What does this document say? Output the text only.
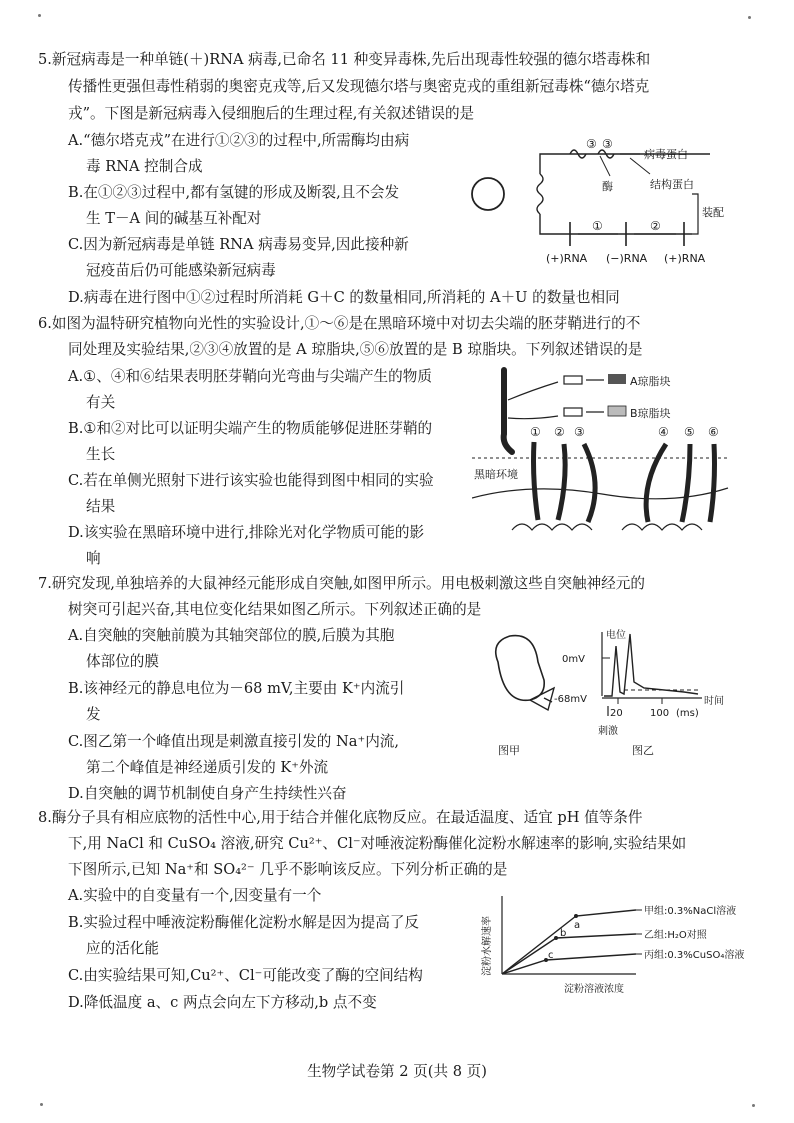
5.新冠病毒是一种单链(＋)RNA 病毒,已命名 11 种变异毒株,先后出现毒性较强的德尔塔毒株和
传播性更强但毒性稍弱的奥密克戎等,后又发现德尔塔与奥密克戎的重组新冠毒株“德尔塔克
戎”。下图是新冠病毒入侵细胞后的生理过程,有关叙述错误的是
A.“德尔塔克戎”在进行①②③的过程中,所需酶均由病
毒 RNA 控制合成
B.在①②③过程中,都有氢键的形成及断裂,且不会发
生 T－A 间的碱基互补配对
C.因为新冠病毒是单链 RNA 病毒易变异,因此接种新
冠疫苗后仍可能感染新冠病毒
D.病毒在进行图中①②过程时所消耗 G＋C 的数量相同,所消耗的 A＋U 的数量也相同
③ ③
病毒蛋白
酶	结构蛋白
装配
①	②
(+)RNA (−)RNA (+)RNA
6.如图为温特研究植物向光性的实验设计,①～⑥是在黑暗环境中对切去尖端的胚芽鞘进行的不
同处理及实验结果,②③④放置的是 A 琼脂块,⑤⑥放置的是 B 琼脂块。下列叙述错误的是
A.①、④和⑥结果表明胚芽鞘向光弯曲与尖端产生的物质
有关
B.①和②对比可以证明尖端产生的物质能够促进胚芽鞘的
生长
C.若在单侧光照射下进行该实验也能得到图中相同的实验
结果
D.该实验在黑暗环境中进行,排除光对化学物质可能的影
响
A琼脂块
B琼脂块
① ② ③	④ ⑤ ⑥
黑暗环境
7.研究发现,单独培养的大鼠神经元能形成自突触,如图甲所示。用电极刺激这些自突触神经元的
树突可引起兴奋,其电位变化结果如图乙所示。下列叙述正确的是
A.自突触的突触前膜为其轴突部位的膜,后膜为其胞
体部位的膜
B.该神经元的静息电位为－68 mV,主要由 K⁺内流引
发
C.图乙第一个峰值出现是刺激直接引发的 Na⁺内流,
第二个峰值是神经递质引发的 K⁺外流
D.自突触的调节机制使自身产生持续性兴奋
图甲
电位
0mV
-68mV
20	100 (ms)
时间
刺激
图乙
8.酶分子具有相应底物的活性中心,用于结合并催化底物反应。在最适温度、适宜 pH 值等条件
下,用 NaCl 和 CuSO₄ 溶液,研究 Cu²⁺、Cl⁻对唾液淀粉酶催化淀粉水解速率的影响,实验结果如
下图所示,已知 Na⁺和 SO₄²⁻ 几乎不影响该反应。下列分析正确的是
A.实验中的自变量有一个,因变量有一个
B.实验过程中唾液淀粉酶催化淀粉水解是因为提高了反
应的活化能
C.由实验结果可知,Cu²⁺、Cl⁻可能改变了酶的空间结构
D.降低温度 a、c 两点会向左下方移动,b 点不变
淀粉水解速率
淀粉溶液浓度
a
b
c
甲组:0.3%NaCl溶液
乙组:H₂O对照
丙组:0.3%CuSO₄溶液
生物学试卷第 2 页(共 8 页)
